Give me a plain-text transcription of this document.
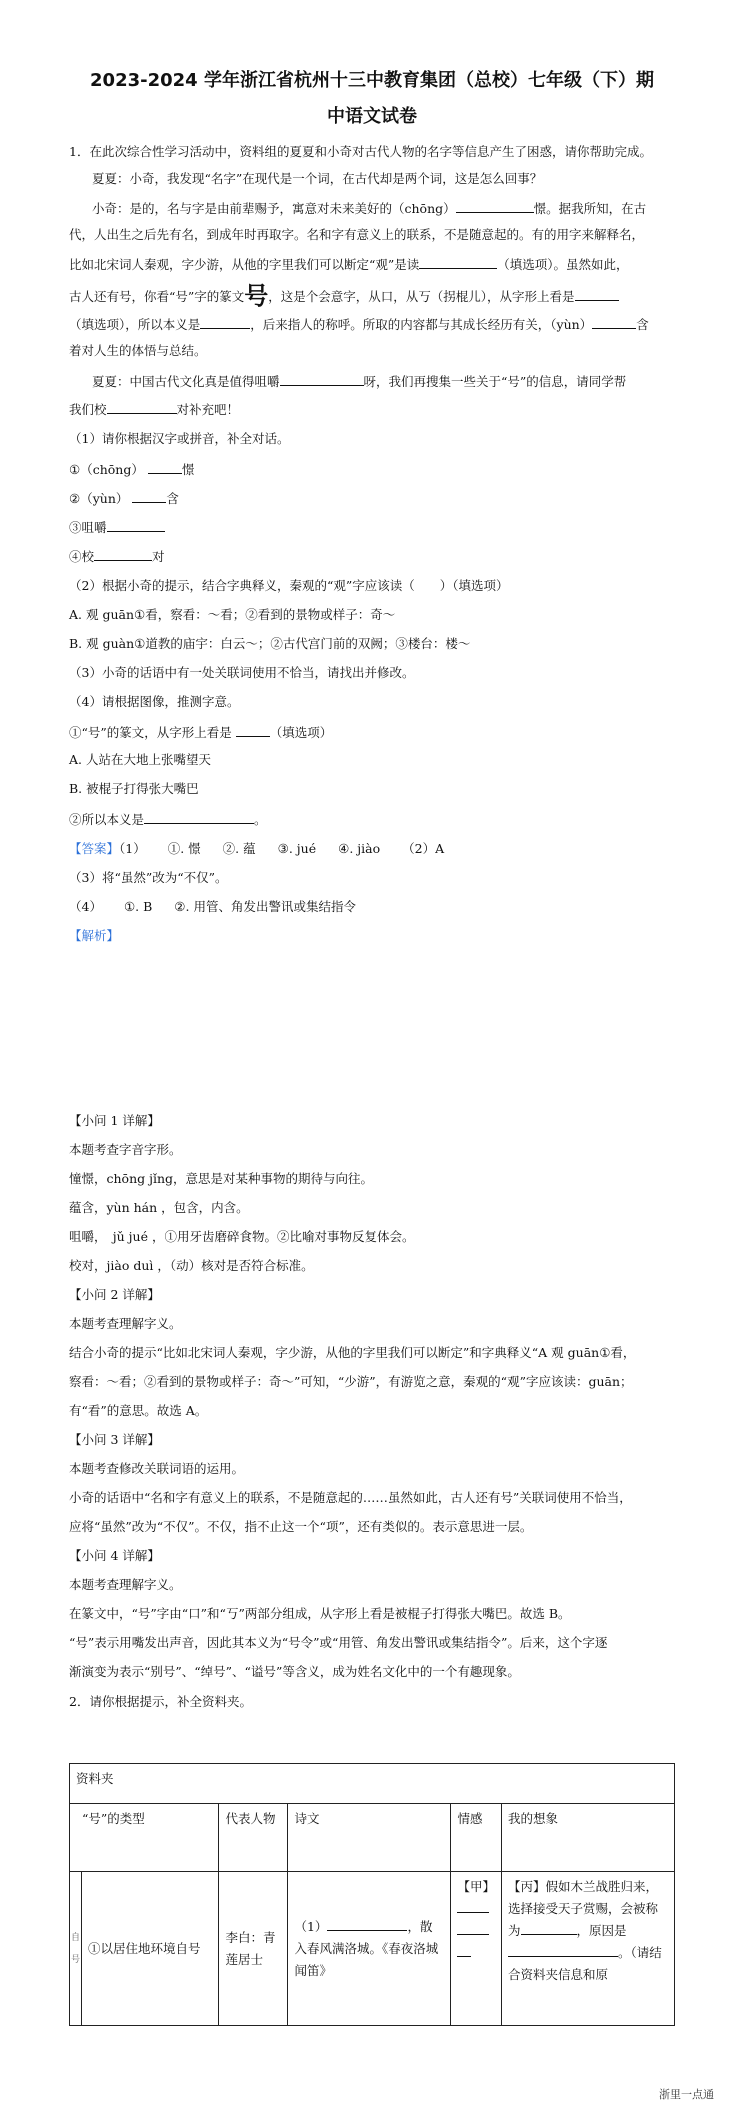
2023-2024 学年浙江省杭州十三中教育集团（总校）七年级（下）期
中语文试卷
1．在此次综合性学习活动中，资料组的夏夏和小奇对古代人物的名字等信息产生了困惑，请你帮助完成。
夏夏：小奇，我发现“名字”在现代是一个词，在古代却是两个词，这是怎么回事？
小奇：是的，名与字是由前辈赐予，寓意对未来美好的（chōng）	憬。据我所知，在古
代，人出生之后先有名，到成年时再取字。名和字有意义上的联系，不是随意起的。有的用字来解释名，
比如北宋词人秦观，字少游，从他的字里我们可以断定“观”是读	（填选项）。虽然如此，
古人还有号，你看“号”字的篆文号，这是个会意字，从口，从丂（拐棍儿），从字形上看是
（填选项），所以本义是	，后来指人的称呼。所取的内容都与其成长经历有关，（yùn）	含
着对人生的体悟与总结。
夏夏：中国古代文化真是值得咀嚼	呀，我们再搜集一些关于“号”的信息，请同学帮
我们校	对补充吧！
（1）请你根据汉字或拼音，补全对话。
①（chōng）	憬
②（yùn）	含
③咀嚼
④校	对
（2）根据小奇的提示，结合字典释义，秦观的“观”字应该读（　　）（填选项）
A. 观 guān①看，察看：～看；②看到的景物或样子：奇～
B. 观 guàn①道教的庙宇：白云～；②古代宫门前的双阙；③楼台：楼～
（3）小奇的话语中有一处关联词使用不恰当，请找出并修改。
（4）请根据图像，推测字意。
①“号”的篆文，从字形上看是	（填选项）
A. 人站在大地上张嘴望天
B. 被棍子打得张大嘴巴
②所以本义是	。
【答案】（1） ①. 憬 ②. 蕴 ③. jué ④. jiào （2）A
（3）将“虽然”改为“不仅”。
（4） ①. B ②. 用管、角发出警讯或集结指令
【解析】
【小问 1 详解】
本题考查字音字形。
憧憬，chōng jǐng，意思是对某种事物的期待与向往。
蕴含，yùn hán ，包含，内含。
咀嚼，　jǔ jué ，①用牙齿磨碎食物。②比喻对事物反复体会。
校对，jiào duì ，（动）核对是否符合标准。
【小问 2 详解】
本题考查理解字义。
结合小奇的提示“比如北宋词人秦观，字少游，从他的字里我们可以断定”和字典释义“A 观 guān①看，
察看：～看；②看到的景物或样子：奇～”可知，“少游”，有游览之意，秦观的“观”字应该读：guān；
有“看”的意思。故选 A。
【小问 3 详解】
本题考查修改关联词语的运用。
小奇的话语中“名和字有意义上的联系，不是随意起的……虽然如此，古人还有号”关联词使用不恰当，
应将“虽然”改为“不仅”。不仅，指不止这一个“项”，还有类似的。表示意思进一层。
【小问 4 详解】
本题考查理解字义。
在篆文中，“号”字由“口”和“丂”两部分组成，从字形上看是被棍子打得张大嘴巴。故选 B。
“号”表示用嘴发出声音，因此其本义为“号令”或“用管、角发出警讯或集结指令”。后来，这个字逐
渐演变为表示“别号”、“绰号”、“谥号”等含义，成为姓名文化中的一个有趣现象。
2．请你根据提示，补全资料夹。
资料夹					
“号”的类型		代表人物	诗文	情感	我的想象
自号	①以居住地环境自号	李白：青莲居士	（1） ，散入春风满洛城。《春夜洛城闻笛》	【甲】	【丙】假如木兰战胜归来，选择接受天子赏赐，会被称为 ，原因是。（请结合资料夹信息和原
浙里一点通
